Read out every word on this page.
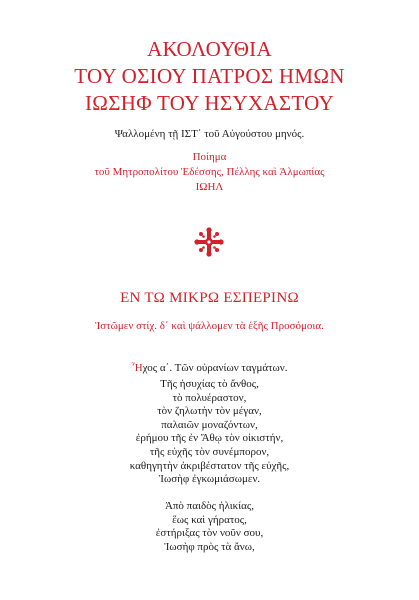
ΑΚΟΛΟΥΘΙΑ
ΤΟΥ ΟΣΙΟΥ ΠΑΤΡΟΣ ΗΜΩΝ
ΙΩΣΗΦ ΤΟΥ ΗΣΥΧΑΣΤΟΥ
Ψαλλομένη τῇ ΙΣΤ΄ τοῦ Αὐγούστου μηνός.
Ποίημα
τοῦ Μητροπολίτου Ἐδέσσης, Πέλλης καὶ Ἀλμωπίας
ΙΩΗΛ
ΕΝ ΤΩ ΜΙΚΡΩ ΕΣΠΕΡΙΝΩ
Ἱστῶμεν στίχ. δ΄ καὶ ψάλλομεν τὰ ἑξῆς Προσόμοια.
Ἦχος α΄. Τῶν οὐρανίων ταγμάτων.
Τῆς ἡσυχίας τὸ ἄνθος,
τὸ πολυέραστον,
τὸν ζηλωτὴν τὸν μέγαν,
παλαιῶν μοναζόντων,
ἐρήμου τῆς ἐν Ἄθῳ τὸν οἰκιστήν,
τῆς εὐχῆς τὸν συνέμπορον,
καθηγητὴν ἀκριβέστατον τῆς εὐχῆς,
Ἰωσὴφ ἐγκωμιάσωμεν.
Ἀπὸ παιδὸς ἡλικίας,
ἕως καὶ γήρατος,
ἐστήριξας τὸν νοῦν σου,
Ἰωσὴφ πρὸς τὰ ἄνω,
